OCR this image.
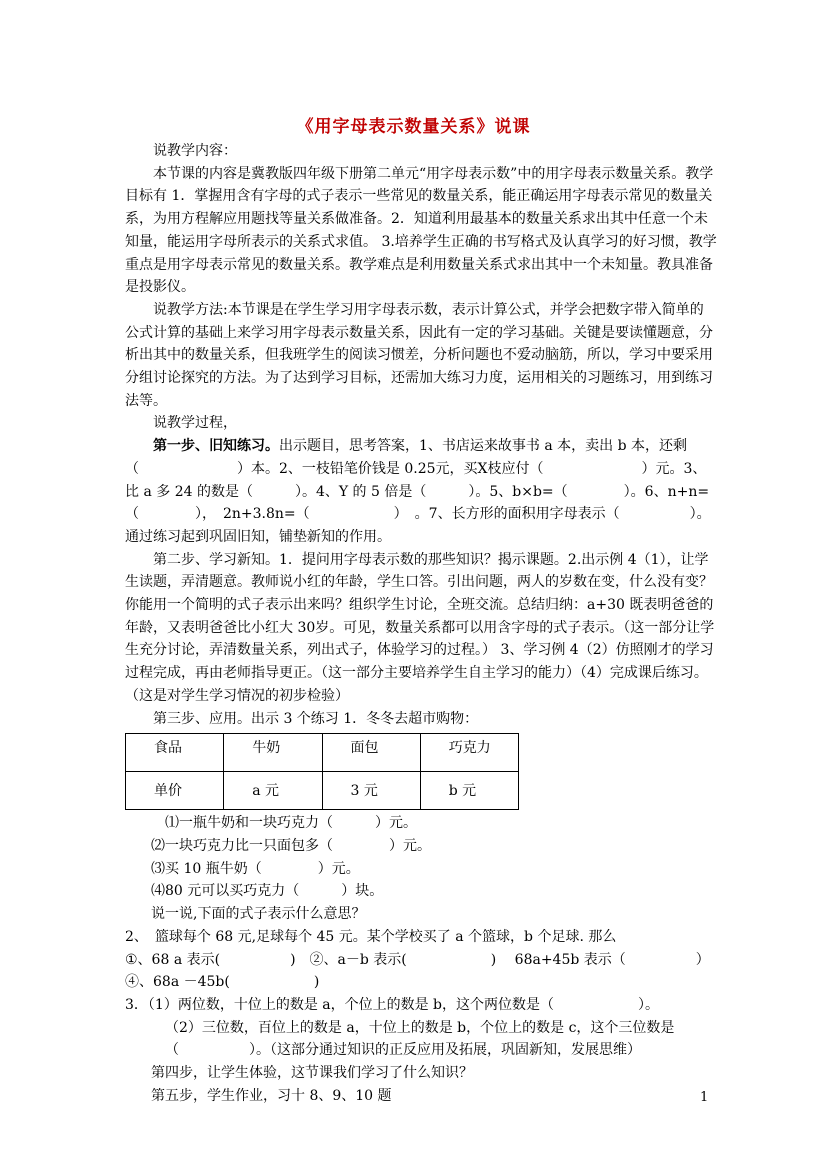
《用字母表示数量关系》说课

说教学内容：

本节课的内容是冀教版四年级下册第二单元“用字母表示数”中的用字母表示数量关系。教学目标有 1．掌握用含有字母的式子表示一些常见的数量关系，能正确运用字母表示常见的数量关系，为用方程解应用题找等量关系做准备。2．知道利用最基本的数量关系求出其中任意一个未知量，能运用字母所表示的关系式求值。 3.培养学生正确的书写格式及认真学习的好习惯，教学重点是用字母表示常见的数量关系。教学难点是利用数量关系式求出其中一个未知量。教具准备是投影仪。

说教学方法:本节课是在学生学习用字母表示数，表示计算公式，并学会把数字带入简单的公式计算的基础上来学习用字母表示数量关系，因此有一定的学习基础。关键是要读懂题意，分析出其中的数量关系，但我班学生的阅读习惯差，分析问题也不爱动脑筋，所以，学习中要采用分组讨论探究的方法。为了达到学习目标，还需加大练习力度，运用相关的习题练习，用到练习法等。

说教学过程，

第一步、旧知练习。出示题目，思考答案，1、书店运来故事书 a 本，卖出 b 本，还剩（　　　　　　　）本。2、一枝铅笔价钱是 0.25元，买Ⅹ枝应付（　　　　　　　）元。3、比 a 多 24 的数是（　　　）。4、Y 的 5 倍是（　　　）。5、b×b=（　　　　）。6、n+n=（　　　　），　2n+3.8n=（　　　　　　）　。7、长方形的面积用字母表示（　　　　　）。通过练习起到巩固旧知，铺垫新知的作用。

第二步、学习新知。1．提问用字母表示数的那些知识？揭示课题。2.出示例 4（1），让学生读题，弄清题意。教师说小红的年龄，学生口答。引出问题，两人的岁数在变，什么没有变？你能用一个简明的式子表示出来吗？组织学生讨论，全班交流。总结归纳：a+30 既表明爸爸的年龄，又表明爸爸比小红大 30岁。可见，数量关系都可以用含字母的式子表示。（这一部分让学生充分讨论，弄清数量关系，列出式子，体验学习的过程。） 3、学习例 4（2）仿照刚才的学习过程完成，再由老师指导更正。（这一部分主要培养学生自主学习的能力）（4）完成课后练习。（这是对学生学习情况的初步检验）

第三步、应用。出示 3 个练习 1．冬冬去超市购物：

食品	牛奶	面包	巧克力
单价	a 元	3 元	b 元

⑴一瓶牛奶和一块巧克力（　　　）元。

⑵一块巧克力比一只面包多（　　　　）元。

⑶买 10 瓶牛奶（　　　　）元。

⑷80 元可以买巧克力（　　　）块。

说一说,下面的式子表示什么意思？

2、　篮球每个 68 元,足球每个 45 元。某个学校买了 a 个篮球，b 个足球. 那么

①、68 a 表示(　　　　　)　②、a－b 表示(　　　　　　)　 68a+45b 表示（　　　　　）④、68a －45b(　　　　　　)

3．（1）两位数，十位上的数是 a，个位上的数是 b，这个两位数是（　　　　　　）。

（2）三位数，百位上的数是 a，十位上的数是 b，个位上的数是 c，这个三位数是（　　　　　）。（这部分通过知识的正反应用及拓展，巩固新知，发展思维）

第四步，让学生体验，这节课我们学习了什么知识？

第五步，学生作业，习十 8、9、10 题	1
